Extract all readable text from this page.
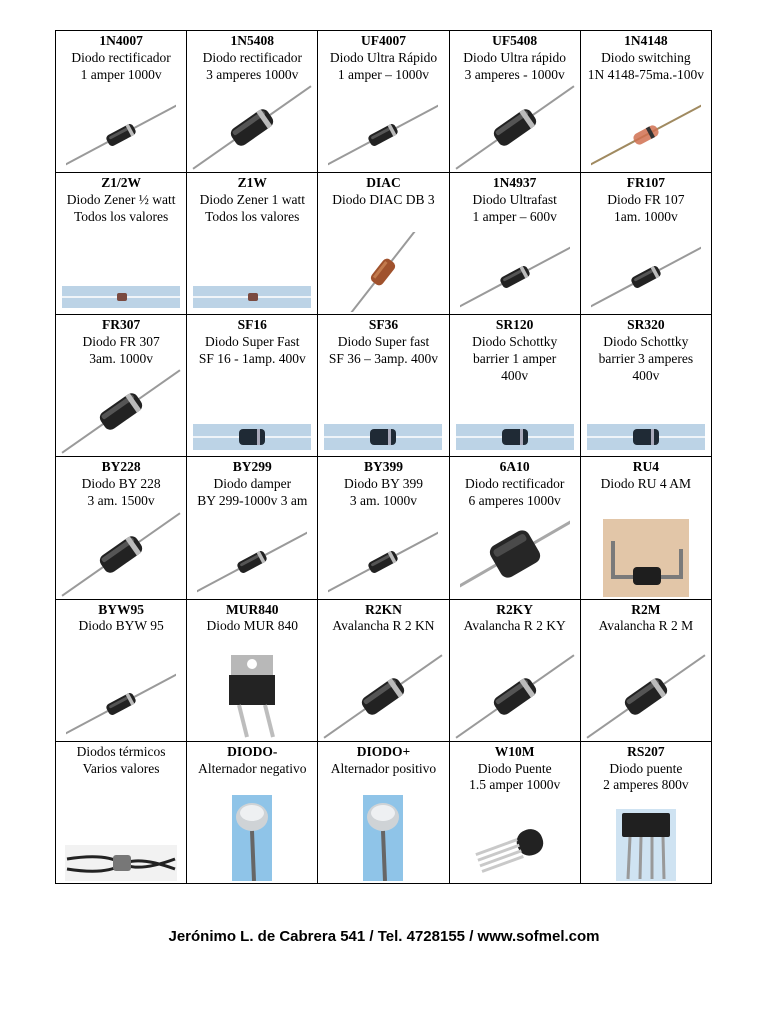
1N4007
Diodo rectificador
1 amper 1000v	1N5408
Diodo rectificador
3 amperes 1000v	UF4007
Diodo Ultra Rápido
1 amper – 1000v	UF5408
Diodo Ultra rápido
3 amperes - 1000v	1N4148
Diodo switching
1N 4148-75ma.-100v

Z1/2W
Diodo Zener ½ watt
Todos los valores	Z1W
Diodo Zener 1 watt
Todos los valores	DIAC
Diodo DIAC DB 3	1N4937
Diodo Ultrafast
1 amper – 600v	FR107
Diodo FR 107
1am. 1000v

FR307
Diodo FR 307
3am. 1000v	SF16
Diodo Super Fast
SF 16 - 1amp. 400v	SF36
Diodo Super fast
SF 36 – 3amp. 400v	SR120
Diodo Schottky
barrier 1 amper
400v	SR320
Diodo Schottky
barrier 3 amperes
400v

BY228
Diodo BY 228
3 am. 1500v	BY299
Diodo damper
BY 299-1000v 3 am	BY399
Diodo BY 399
3 am. 1000v	6A10
Diodo rectificador
6 amperes 1000v	RU4
Diodo RU 4 AM

BYW95
Diodo BYW 95	MUR840
Diodo MUR 840	R2KN
Avalancha R 2 KN	R2KY
Avalancha R 2 KY	R2M
Avalancha R 2 M

Diodos térmicos
Varios valores	DIODO-
Alternador negativo	DIODO+
Alternador positivo	W10M
Diodo Puente
1.5 amper 1000v	RS207
Diodo puente
2 amperes 800v
Jerónimo L. de Cabrera 541 / Tel. 4728155 / www.sofmel.com
